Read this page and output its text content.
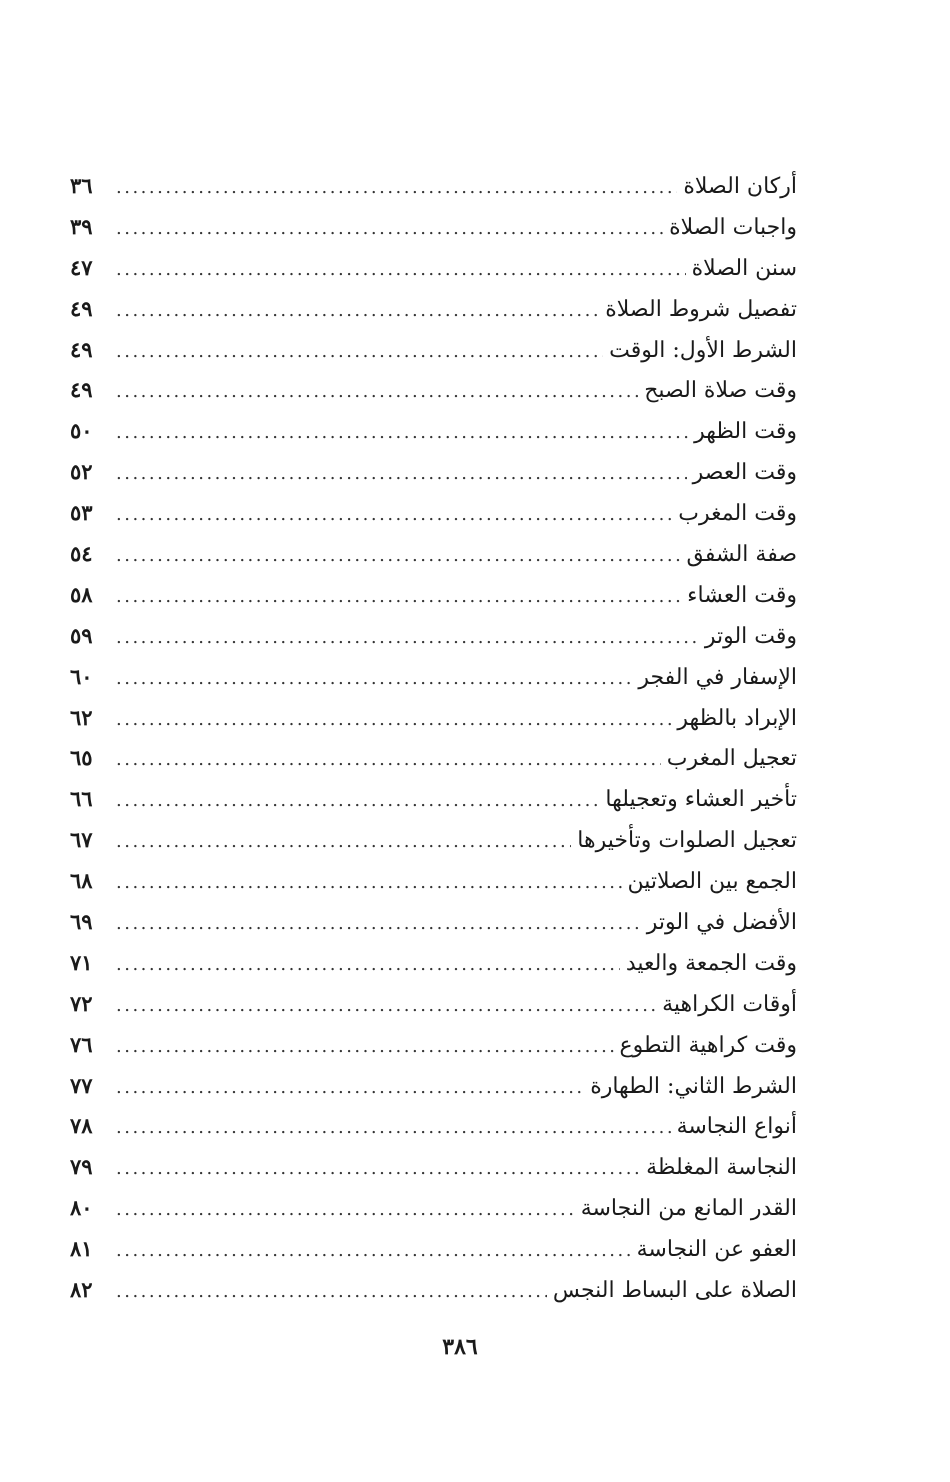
أركان الصلاة
.....
٣٦
واجبات الصلاة
.....
٣٩
سنن الصلاة
.....
٤٧
تفصيل شروط الصلاة
.....
٤٩
الشرط الأول: الوقت
.....
٤٩
وقت صلاة الصبح
.....
٤٩
وقت الظهر
.....
٥٠
وقت العصر
.....
٥٢
وقت المغرب
.....
٥٣
صفة الشفق
.....
٥٤
وقت العشاء
.....
٥٨
وقت الوتر
.....
٥٩
الإسفار في الفجر
.....
٦٠
الإبراد بالظهر
.....
٦٢
تعجيل المغرب
.....
٦٥
تأخير العشاء وتعجيلها
.....
٦٦
تعجيل الصلوات وتأخيرها
.....
٦٧
الجمع بين الصلاتين
.....
٦٨
الأفضل في الوتر
.....
٦٩
وقت الجمعة والعيد
.....
٧١
أوقات الكراهية
.....
٧٢
وقت كراهية التطوع
.....
٧٦
الشرط الثاني: الطهارة
.....
٧٧
أنواع النجاسة
.....
٧٨
النجاسة المغلظة
.....
٧٩
القدر المانع من النجاسة
.....
٨٠
العفو عن النجاسة
.....
٨١
الصلاة على البساط النجس
.....
٨٢
٣٨٦
